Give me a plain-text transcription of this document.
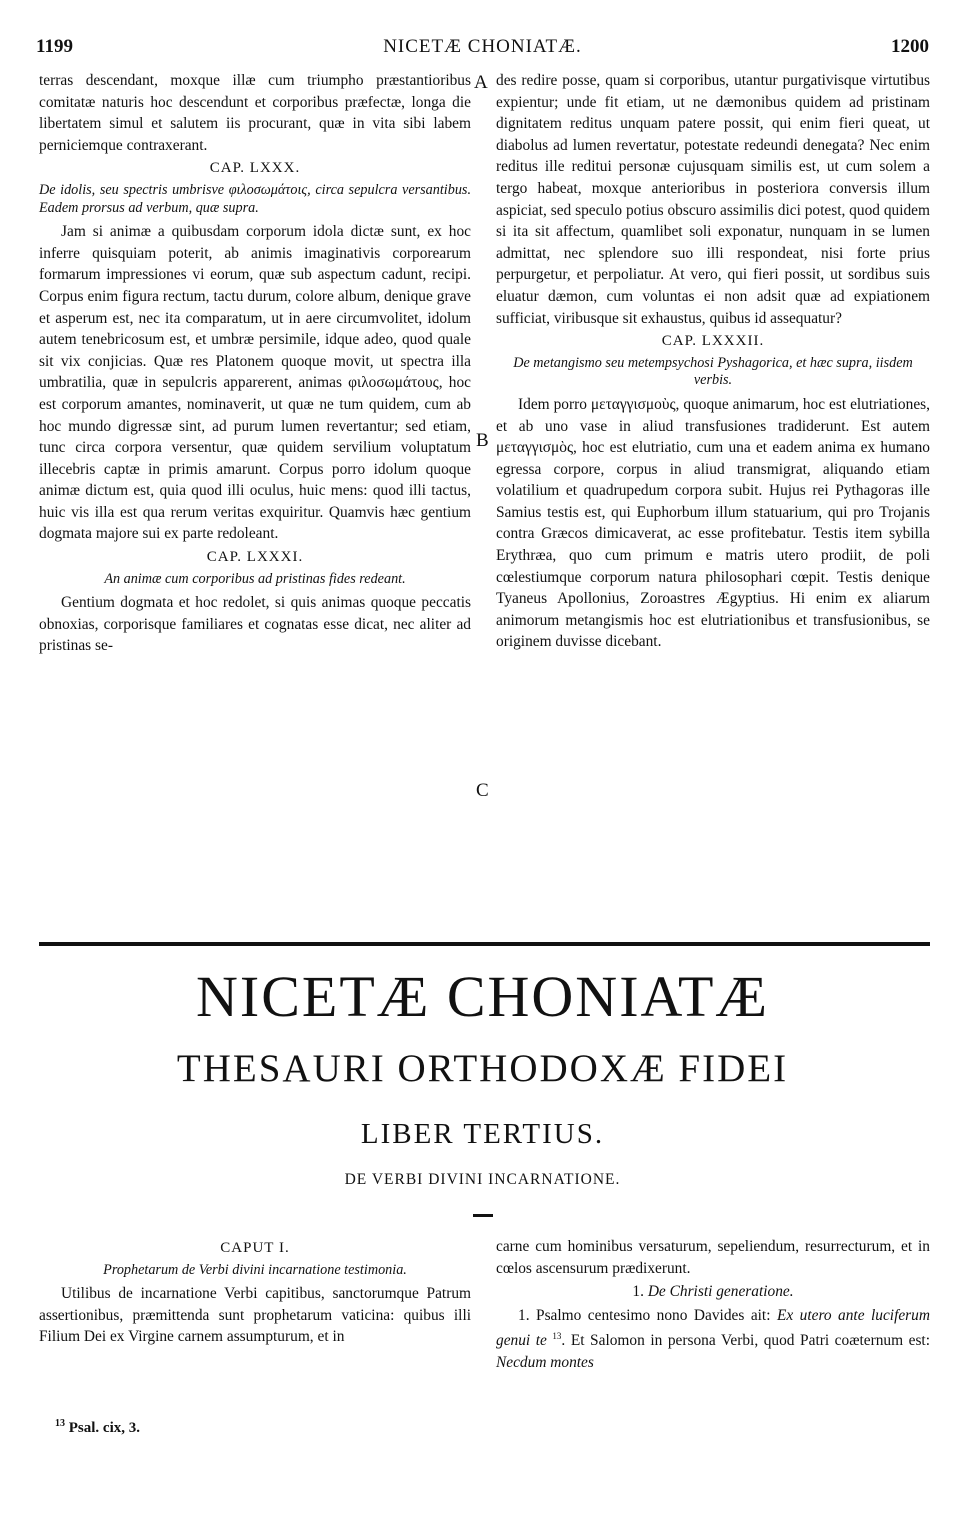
1199	NICETÆ CHONIATÆ.	1200

terras descendant, moxque illæ cum triumpho præstantioribus comitatæ naturis hoc descendunt et corporibus præfectæ, longa die libertatem simul et salutem iis procurant, quæ in vita sibi labem perniciemque contraxerant.

CAP. LXXX.
De idolis, seu spectris umbrisve φιλοσωμάτοις, circa sepulcra versantibus. Eadem prorsus ad verbum, quæ supra.

Jam si animæ a quibusdam corporum idola dictæ sunt, ex hoc inferre quisquiam poterit, ab animis imaginativis corporearum formarum impressiones vi eorum, quæ sub aspectum cadunt, recipi. Corpus enim figura rectum, tactu durum, colore album, denique grave et asperum est, nec ita comparatum, ut in aere circumvolitet, idolum autem tenebricosum est, et umbræ persimile, idque adeo, quod quale sit vix conjicias. Quæ res Platonem quoque movit, ut spectra illa umbratilia, quæ in sepulcris apparerent, animas φιλοσωμάτους, hoc est corporum amantes, nominaverit, ut quæ ne tum quidem, cum ab hoc mundo digressæ sint, ad purum lumen revertantur; sed etiam, tunc circa corpora versentur, quæ quidem servilium voluptatum illecebris captæ in primis amarunt. Corpus porro idolum quoque animæ dictum est, quia quod illi oculus, huic mens: quod illi tactus, huic vis illa est qua rerum veritas exquiritur. Quamvis hæc gentium dogmata majore sui ex parte redoleant.

CAP. LXXXI.
An animæ cum corporibus ad pristinas fides redeant.

Gentium dogmata et hoc redolet, si quis animas quoque peccatis obnoxias, corporisque familiares et cognatas esse dicat, nec aliter ad pristinas se-

A
B
C

des redire posse, quam si corporibus, utantur purgativisque virtutibus expientur; unde fit etiam, ut ne dæmonibus quidem ad pristinam dignitatem reditus unquam patere possit, qui enim fieri queat, ut diabolus ad lumen revertatur, potestate redeundi denegata? Nec enim reditus ille reditui personæ cujusquam similis est, ut cum solem a tergo habeat, moxque anterioribus in posteriora conversis illum aspiciat, sed speculo potius obscuro assimilis dici potest, quod quidem si ita sit affectum, quamlibet soli exponatur, nunquam in se lumen admittat, nec splendore suo illi respondeat, nisi forte prius perpurgetur, et perpoliatur. At vero, qui fieri possit, ut sordibus suis eluatur dæmon, cum voluntas ei non adsit quæ ad expiationem sufficiat, viribusque sit exhaustus, quibus id assequatur?

CAP. LXXXII.
De metangismo seu metempsychosi Pyshagorica, et hæc supra, iisdem verbis.

Idem porro μεταγγισμοὺς, quoque animarum, hoc est elutriationes, et ab uno vase in aliud transfusiones tradiderunt. Est autem μεταγγισμὸς, hoc est elutriatio, cum una et eadem anima ex humano egressa corpore, corpus in aliud transmigrat, aliquando etiam volatilium et quadrupedum corpora subit. Hujus rei Pythagoras ille Samius testis est, qui Euphorbum illum statuarium, qui pro Trojanis contra Græcos dimicaverat, ac esse profitebatur. Testis item sybilla Erythræa, quo cum primum e matris utero prodiit, de poli cœlestiumque corporum natura philosophari cœpit. Testis denique Tyaneus Apollonius, Zoroastres Ægyptius. Hi enim ex aliarum animorum metangismis hoc est elutriationibus et transfusionibus, se originem duvisse dicebant.

NICETÆ CHONIATÆ
THESAURI ORTHODOXÆ FIDEI
LIBER TERTIUS.
DE VERBI DIVINI INCARNATIONE.
CAPUT I.
Prophetarum de Verbi divini incarnatione testimonia.

Utilibus de incarnatione Verbi capitibus, sanctorumque Patrum assertionibus, præmittenda sunt prophetarum vaticina: quibus illi Filium Dei ex Virgine carnem assumpturum, et in

carne cum hominibus versaturum, sepeliendum, resurrecturum, et in cœlos ascensurum prædixerunt.

1. De Christi generatione.

1. Psalmo centesimo nono Davides ait: Ex utero ante luciferum genui te $^{13}$. Et Salomon in persona Verbi, quod Patri coæternum est: Necdum montes

$^{13}$ Psal. cix, 3.
